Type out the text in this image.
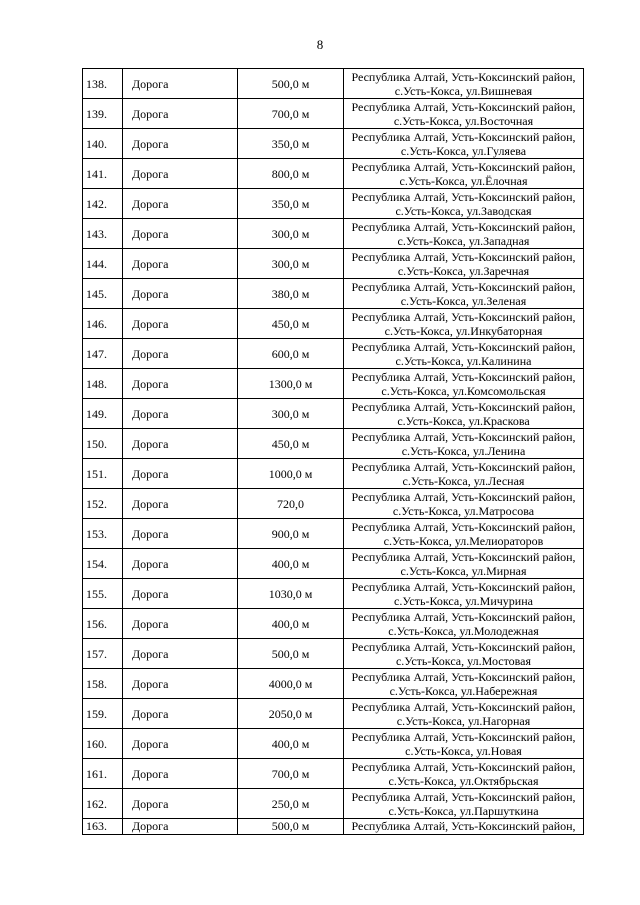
8
138.	Дорога	500,0 м	Республика Алтай, Усть-Коксинский район,
с.Усть-Кокса, ул.Вишневая

139.	Дорога	700,0 м	Республика Алтай, Усть-Коксинский район,
с.Усть-Кокса, ул.Восточная

140.	Дорога	350,0 м	Республика Алтай, Усть-Коксинский район,
с.Усть-Кокса, ул.Гуляева

141.	Дорога	800,0 м	Республика Алтай, Усть-Коксинский район,
с.Усть-Кокса, ул.Ёлочная

142.	Дорога	350,0 м	Республика Алтай, Усть-Коксинский район,
с.Усть-Кокса, ул.Заводская

143.	Дорога	300,0 м	Республика Алтай, Усть-Коксинский район,
с.Усть-Кокса, ул.Западная

144.	Дорога	300,0 м	Республика Алтай, Усть-Коксинский район,
с.Усть-Кокса, ул.Заречная

145.	Дорога	380,0 м	Республика Алтай, Усть-Коксинский район,
с.Усть-Кокса, ул.Зеленая

146.	Дорога	450,0 м	Республика Алтай, Усть-Коксинский район,
с.Усть-Кокса, ул.Инкубаторная

147.	Дорога	600,0 м	Республика Алтай, Усть-Коксинский район,
с.Усть-Кокса, ул.Калинина

148.	Дорога	1300,0 м	Республика Алтай, Усть-Коксинский район,
с.Усть-Кокса, ул.Комсомольская

149.	Дорога	300,0 м	Республика Алтай, Усть-Коксинский район,
с.Усть-Кокса, ул.Краскова

150.	Дорога	450,0 м	Республика Алтай, Усть-Коксинский район,
с.Усть-Кокса, ул.Ленина

151.	Дорога	1000,0 м	Республика Алтай, Усть-Коксинский район,
с.Усть-Кокса, ул.Лесная

152.	Дорога	720,0	Республика Алтай, Усть-Коксинский район,
с.Усть-Кокса, ул.Матросова

153.	Дорога	900,0 м	Республика Алтай, Усть-Коксинский район,
с.Усть-Кокса, ул.Мелиораторов

154.	Дорога	400,0 м	Республика Алтай, Усть-Коксинский район,
с.Усть-Кокса, ул.Мирная

155.	Дорога	1030,0 м	Республика Алтай, Усть-Коксинский район,
с.Усть-Кокса, ул.Мичурина

156.	Дорога	400,0 м	Республика Алтай, Усть-Коксинский район,
с.Усть-Кокса, ул.Молодежная

157.	Дорога	500,0 м	Республика Алтай, Усть-Коксинский район,
с.Усть-Кокса, ул.Мостовая

158.	Дорога	4000,0 м	Республика Алтай, Усть-Коксинский район,
с.Усть-Кокса, ул.Набережная

159.	Дорога	2050,0 м	Республика Алтай, Усть-Коксинский район,
с.Усть-Кокса, ул.Нагорная

160.	Дорога	400,0 м	Республика Алтай, Усть-Коксинский район,
с.Усть-Кокса, ул.Новая

161.	Дорога	700,0 м	Республика Алтай, Усть-Коксинский район,
с.Усть-Кокса, ул.Октябрьская

162.	Дорога	250,0 м	Республика Алтай, Усть-Коксинский район,
с.Усть-Кокса, ул.Паршуткина

163.	Дорога	500,0 м	Республика Алтай, Усть-Коксинский район,
